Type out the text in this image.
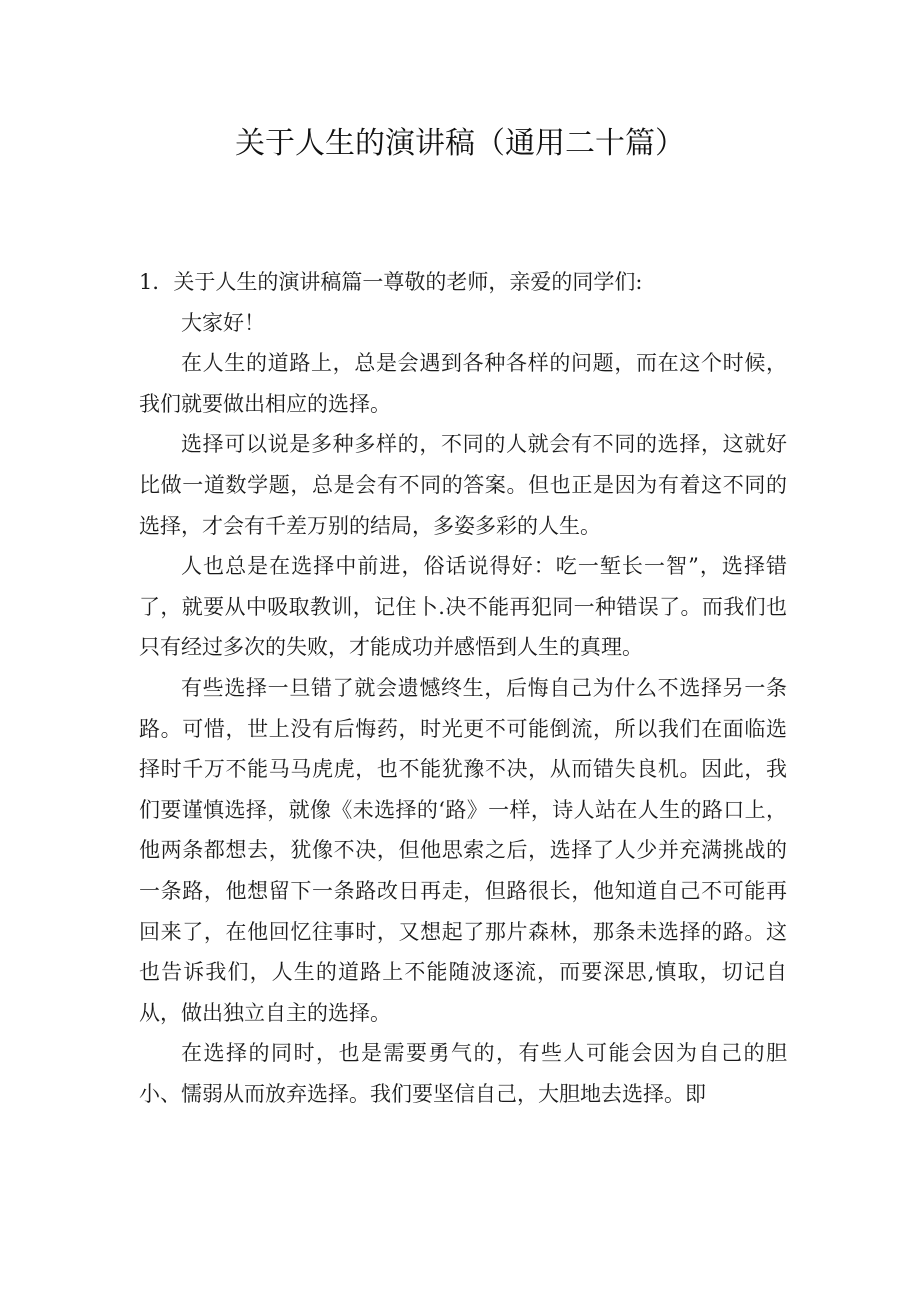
关于人生的演讲稿（通用二十篇）

1．关于人生的演讲稿篇一尊敬的老师，亲爱的同学们:

大家好！

在人生的道路上，总是会遇到各种各样的问题，而在这个时候，我们就要做出相应的选择。

选择可以说是多种多样的，不同的人就会有不同的选择，这就好比做一道数学题，总是会有不同的答案。但也正是因为有着这不同的选择，才会有千差万别的结局，多姿多彩的人生。

人也总是在选择中前进，俗话说得好：吃一堑长一智”，选择错了，就要从中吸取教训，记住卜.决不能再犯同一种错误了。而我们也只有经过多次的失败，才能成功并感悟到人生的真理。

有些选择一旦错了就会遗憾终生，后悔自己为什么不选择另一条路。可惜，世上没有后悔药，时光更不可能倒流，所以我们在面临选择时千万不能马马虎虎，也不能犹豫不决，从而错失良机。因此，我们要谨慎选择，就像《未选择的‘路》一样，诗人站在人生的路口上，他两条都想去，犹像不决，但他思索之后，选择了人少并充满挑战的一条路，他想留下一条路改日再走，但路很长，他知道自己不可能再回来了，在他回忆往事时，又想起了那片森林，那条未选择的路。这也告诉我们，人生的道路上不能随波逐流，而要深思,慎取，切记自从，做出独立自主的选择。

在选择的同时，也是需要勇气的，有些人可能会因为自己的胆小、懦弱从而放弃选择。我们要坚信自己，大胆地去选择。即
